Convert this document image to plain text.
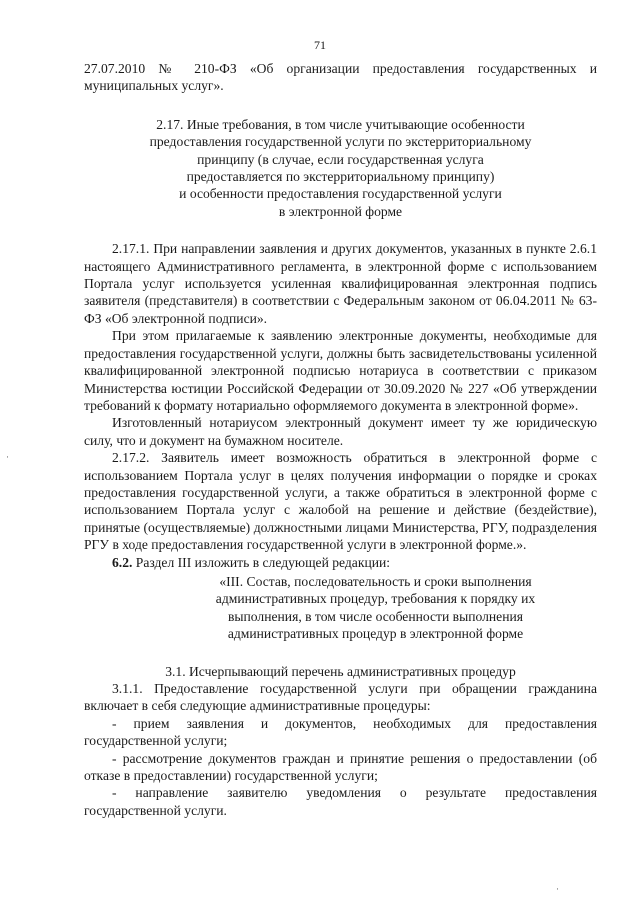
71

27.07.2010 № 210-ФЗ «Об организации предоставления государственных и муниципальных услуг».

2.17. Иные требования, в том числе учитывающие особенности
предоставления государственной услуги по экстерриториальному
принципу (в случае, если государственная услуга
предоставляется по экстерриториальному принципу)
и особенности предоставления государственной услуги
в электронной форме

2.17.1. При направлении заявления и других документов, указанных в пункте 2.6.1 настоящего Административного регламента, в электронной форме с использованием Портала услуг используется усиленная квалифицированная электронная подпись заявителя (представителя) в соответствии с Федеральным законом от 06.04.2011 № 63-ФЗ «Об электронной подписи».

При этом прилагаемые к заявлению электронные документы, необходимые для предоставления государственной услуги, должны быть засвидетельствованы усиленной квалифицированной электронной подписью нотариуса в соответствии с приказом Министерства юстиции Российской Федерации от 30.09.2020 № 227 «Об утверждении требований к формату нотариально оформляемого документа в электронной форме».

Изготовленный нотариусом электронный документ имеет ту же юридическую силу, что и документ на бумажном носителе.

2.17.2. Заявитель имеет возможность обратиться в электронной форме с использованием Портала услуг в целях получения информации о порядке и сроках предоставления государственной услуги, а также обратиться в электронной форме с использованием Портала услуг с жалобой на решение и действие (бездействие), принятые (осуществляемые) должностными лицами Министерства, РГУ, подразделения РГУ в ходе предоставления государственной услуги в электронной форме.».

6.2. Раздел III изложить в следующей редакции:

«III. Состав, последовательность и сроки выполнения
административных процедур, требования к порядку их
выполнения, в том числе особенности выполнения
административных процедур в электронной форме

3.1. Исчерпывающий перечень административных процедур

3.1.1. Предоставление государственной услуги при обращении гражданина включает в себя следующие административные процедуры:

- прием заявления и документов, необходимых для предоставления государственной услуги;

- рассмотрение документов граждан и принятие решения о предоставлении (об отказе в предоставлении) государственной услуги;

- направление заявителю уведомления о результате предоставления государственной услуги.

·
·
